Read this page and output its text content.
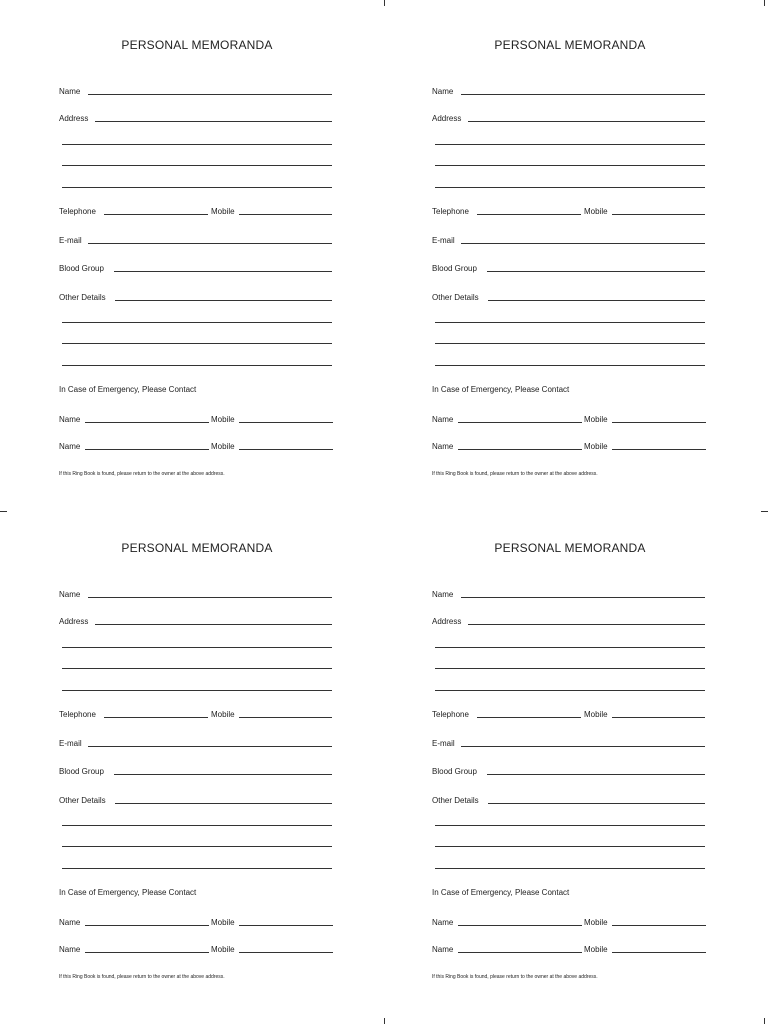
PERSONAL MEMORANDA
Name
Address
Telephone	Mobile
E-mail
Blood Group
Other Details
In Case of Emergency, Please Contact
Name	Mobile
Name	Mobile
If this Ring Book is found, please return to the owner at the above address.
PERSONAL MEMORANDA
Name
Address
Telephone	Mobile
E-mail
Blood Group
Other Details
In Case of Emergency, Please Contact
Name	Mobile
Name	Mobile
If this Ring Book is found, please return to the owner at the above address.
PERSONAL MEMORANDA
Name
Address
Telephone	Mobile
E-mail
Blood Group
Other Details
In Case of Emergency, Please Contact
Name	Mobile
Name	Mobile
If this Ring Book is found, please return to the owner at the above address.
PERSONAL MEMORANDA
Name
Address
Telephone	Mobile
E-mail
Blood Group
Other Details
In Case of Emergency, Please Contact
Name	Mobile
Name	Mobile
If this Ring Book is found, please return to the owner at the above address.
